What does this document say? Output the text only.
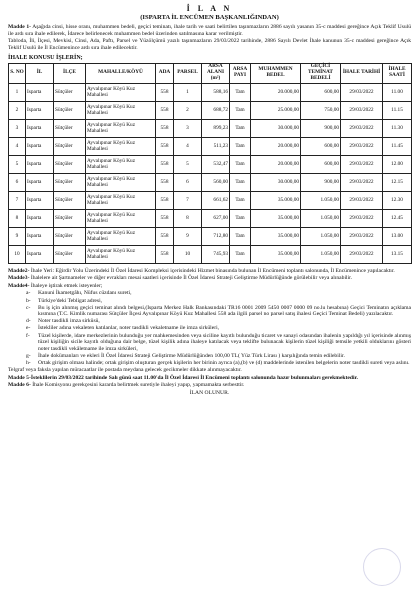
İ L A N
(ISPARTA İL ENCÜMEN BAŞKANLIĞINDAN)

Madde 1- Aşağıda cinsi, hisse oranı, muhammen bedeli, geçici teminatı, ihale tarih ve saati belirtilen taşınmazların 2886 sayılı yasanın 35-c maddesi gereğince Açık Teklif Usulü ile ardı sıra ihale edilerek, İdarece belirlenecek muhammen bedel üzerinden satılmasına karar verilmiştir.

Tabloda, İli, İlçesi, Mevkisi, Cinsi, Ada, Paftı, Parsel ve Yüzölçümü yazılı taşınmazların 29/03/2022 tarihinde, 2886 Sayılı Devlet İhale kanunun 35-c maddesi gereğince Açık Teklif Usulü ile İl Encümenince ardı sıra ihale edilecektir.

İHALE KONUSU İŞLERİN;
S. NO	İL	İLÇE	MAHALLE/KÖYÜ	ADA	PARSEL	ARSA ALANI (m²)	ARSA PAYI	MUHAMMEN BEDEL	GEÇİCİ TEMİNAT BEDELİ	İHALE TARİHİ	İHALE SAATİ
1	Isparta	Sütçüler	Ayvalıpınar Köyü Kuz Mahallesi	558	1	588,16	Tam	20.000,00	600,00	29/03/2022	11.00
2	Isparta	Sütçüler	Ayvalıpınar Köyü Kuz Mahallesi	558	2	688,72	Tam	25.000,00	750,00	29/03/2022	11.15
3	Isparta	Sütçüler	Ayvalıpınar Köyü Kuz Mahallesi	558	3	899,23	Tam	30.000,00	900,00	29/03/2022	11.30
4	Isparta	Sütçüler	Ayvalıpınar Köyü Kuz Mahallesi	558	4	511,23	Tam	20.000,00	600,00	29/03/2022	11.45
5	Isparta	Sütçüler	Ayvalıpınar Köyü Kuz Mahallesi	558	5	532,47	Tam	20.000,00	600,00	29/03/2022	12.00
6	Isparta	Sütçüler	Ayvalıpınar Köyü Kuz Mahallesi	558	6	560,00	Tam	30.000,00	900,00	29/03/2022	12.15
7	Isparta	Sütçüler	Ayvalıpınar Köyü Kuz Mahallesi	558	7	661,62	Tam	35.000,00	1.050,00	29/03/2022	12.30
8	Isparta	Sütçüler	Ayvalıpınar Köyü Kuz Mahallesi	558	8	627,00	Tam	35.000,00	1.050,00	29/03/2022	12.45
9	Isparta	Sütçüler	Ayvalıpınar Köyü Kuz Mahallesi	558	9	712,80	Tam	35.000,00	1.050,00	29/03/2022	13.00
10	Isparta	Sütçüler	Ayvalıpınar Köyü Kuz Mahallesi	558	10	745,93	Tam	35.000,00	1.050,00	29/03/2022	13.15

Madde2- İhale Yeri: Eğirdir Yolu Üzerindeki İl Özel İdaresi Kompleksi içerisindeki Hizmet binasında bulunan İl Encümeni toplantı salonunda, İl Encümenince yapılacaktır.

Madde3- İhalelere ait Şartnameler ve diğer evrakları mesai saatleri içerisinde İl Özel İdaresi Strateji Geliştirme Müdürlüğünde görülebilir veya alınabilir.

Madde4- İhaleye iştirak etmek isteyenler;

a- Kanuni İkametgâhı, Nüfus cüzdanı sureti,
b- Türkiye'deki Tebligat adresi,
c- Bu iş için alınmış geçici teminat alındı belgesi,(Isparta Merkez Halk Bankasındaki TR16 0001 2009 5450 0007 0000 09 no.lu hesabına) Geçici Teminatın açıklama kısmına (T.C. Kimlik numarası Sütçüler İlçesi Ayvalıpınar Köyü Kuz Mahallesi 558 ada ilgili parsel no parsel satış ihalesi Geçici Teminat Bedeli) yazılacaktır.
d- Noter tasdikli imza sirküsü,
e- İstekliler adına vekaleten katılanlar, noter tasdikli vekaletname ile imza sirküleri,
f- Tüzel kişilerde, idare merkezlerinin bulunduğu yer mahkemesinden veya siciline kayıtlı bulunduğu ticaret ve sanayi odasından ihalenin yapıldığı yıl içerisinde alınmış tüzel kişiliğin sicile kayıtlı olduğuna dair belge, tüzel kişilik adına ihaleye katılacak veya teklifte bulunacak kişilerin tüzel kişiliği temsile yetkili olduklarını gösteri noter tasdikli vekâletname ile imza sirküleri,
g- İhale dokümanları ve ekleri İl Özel İdaresi Strateji Geliştirme Müdürlüğünden 100,00 TL( Yüz Türk Lirası ) karşılığında temin edilebilir.
h- Ortak girişim olması halinde; ortak girişim oluşturan gerçek kişilerin her birinin ayrıca (a),(b) ve (d) maddelerinde istenilen belgelerin noter tasdikli sureti veya aslını.

Telgraf veya faksla yapılan müracaatlar ile postada meydana gelecek gecikmeler dikkate alınmayacaktır.

Madde 5-İsteklilerin 29/03/2022 tarihinde Salı günü saat 11.00'da İl Özel İdaresi İl Encümeni toplantı salonunda hazır bulunmaları gerekmektedir.

Madde 6- İhale Komisyonu gerekçesini kararda belirtmek suretiyle ihaleyi yapıp, yapmamakta serbesttir.

İLAN OLUNUR.
